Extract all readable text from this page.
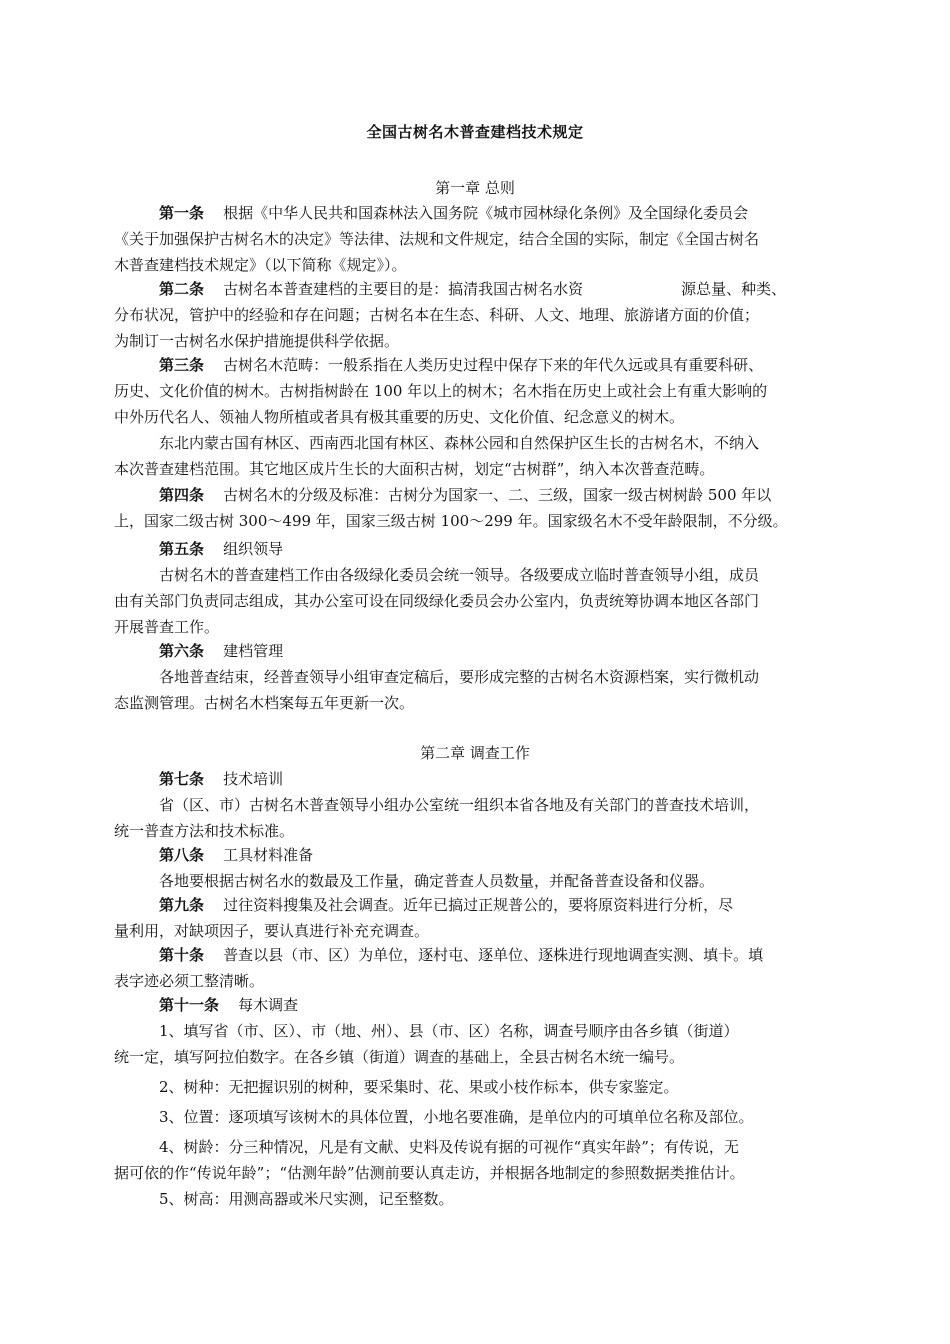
全国古树名木普查建档技术规定
第一章 总则
第一条 根据《中华人民共和国森林法入国务院《城市园林绿化条例》及全国绿化委员会
《关于加强保护古树名木的决定》等法律、法规和文件规定，结合全国的实际，制定《全国古树名
木普查建档技术规定》（以下简称《规定》）。
第二条 古树名本普查建档的主要目的是：搞清我国古树名水资	源总量、种类、
分布状况，管护中的经验和存在问题；古树名本在生态、科研、人文、地理、旅游诸方面的价值；
为制订一古树名水保护措施提供科学依据。
第三条 古树名木范畴：一般系指在人类历史过程中保存下来的年代久远或具有重要科研、
历史、文化价值的树木。古树指树龄在 100 年以上的树木；名木指在历史上或社会上有重大影响的
中外历代名人、领袖人物所植或者具有极其重要的历史、文化价值、纪念意义的树木。
东北内蒙古国有林区、西南西北国有林区、森林公园和自然保护区生长的古树名木，不纳入
本次普查建档范围。其它地区成片生长的大面积古树，划定“古树群”，纳入本次普查范畴。
第四条 古树名木的分级及标准：古树分为国家一、二、三级，国家一级古树树龄 500 年以
上，国家二级古树 300～499 年，国家三级古树 100～299 年。国家级名木不受年龄限制，不分级。
第五条 组织领导
古树名木的普查建档工作由各级绿化委员会统一领导。各级要成立临时普查领导小组，成员
由有关部门负责同志组成，其办公室可设在同级绿化委员会办公室内，负责统筹协调本地区各部门
开展普查工作。
第六条 建档管理
各地普查结束，经普查领导小组审查定稿后，要形成完整的古树名木资源档案，实行微机动
态监测管理。古树名木档案每五年更新一次。
第二章 调查工作
第七条 技术培训
省（区、市）古树名木普查领导小组办公室统一组织本省各地及有关部门的普查技术培训，
统一普查方法和技术标准。
第八条 工具材料准备
各地要根据古树名水的数最及工作量，确定普查人员数量，并配备普查设备和仪器。
第九条 过往资料搜集及社会调查。近年已搞过正规普公的，要将原资料进行分析，尽
量利用，对缺项因子，要认真进行补充充调查。
第十条 普查以县（市、区）为单位，逐村屯、逐单位、逐株进行现地调查实测、填卡。填
表字迹必须工整清晰。
第十一条 每木调查
1、填写省（市、区）、市（地、州）、县（市、区）名称，调查号顺序由各乡镇（街道）
统一定，填写阿拉伯数字。在各乡镇（街道）调查的基础上，全县古树名木统一编号。
2、树种：无把握识别的树种，要采集时、花、果或小枝作标本，供专家鉴定。
3、位置：逐项填写该树木的具体位置，小地名要准确，是单位内的可填单位名称及部位。
4、树龄：分三种情况，凡是有文献、史料及传说有据的可视作“真实年龄”；有传说，无
据可依的作“传说年龄”；“估测年龄”估测前要认真走访，并根据各地制定的参照数据类推估计。
5、树高：用测高器或米尺实测，记至整数。
